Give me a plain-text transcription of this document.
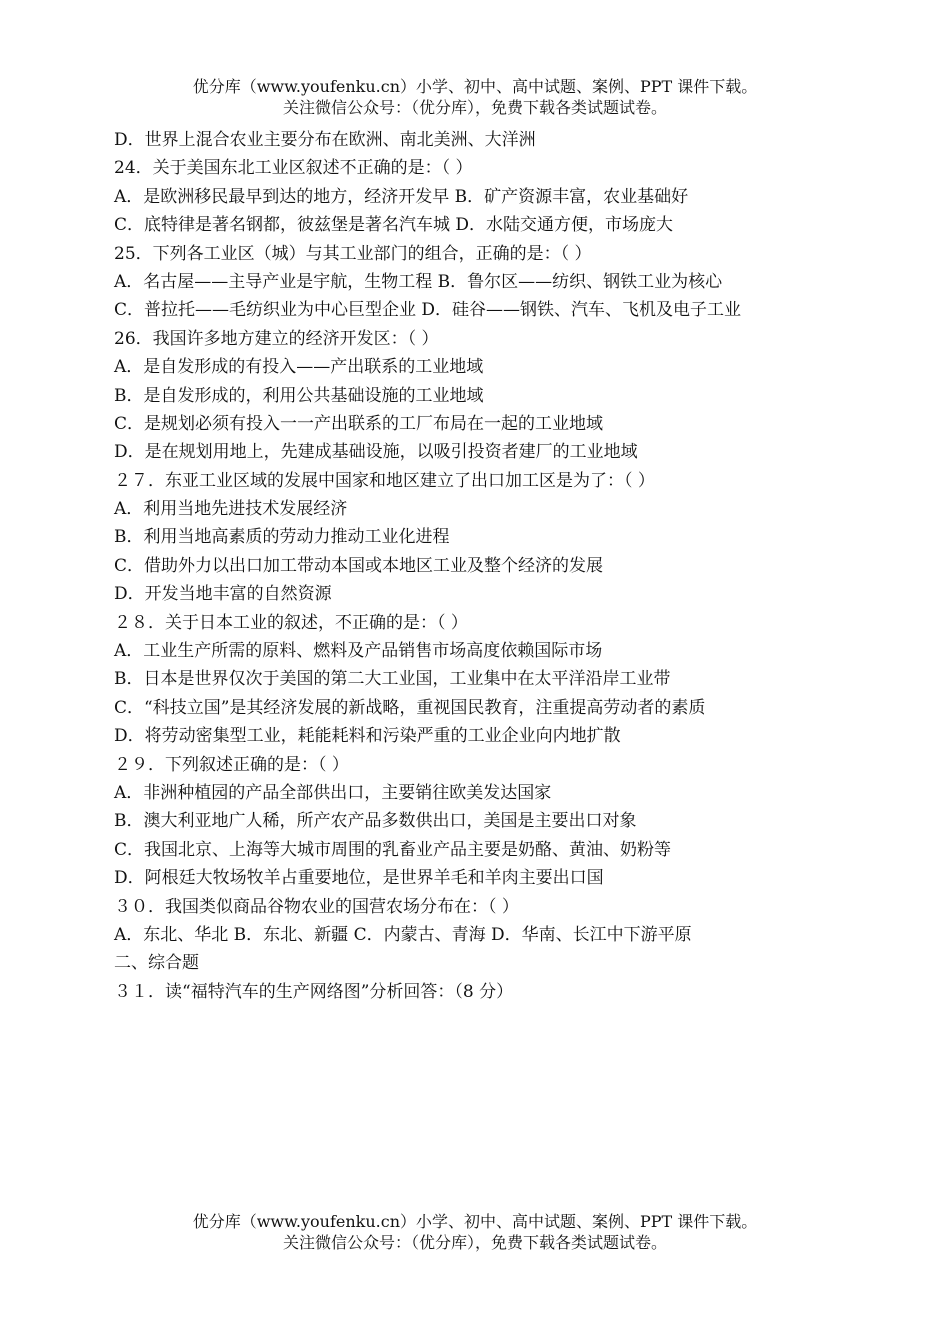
优分库（www.youfenku.cn）小学、初中、高中试题、案例、PPT 课件下载。
关注微信公众号：（优分库），免费下载各类试题试卷。
D．世界上混合农业主要分布在欧洲、南北美洲、大洋洲
24．关于美国东北工业区叙述不正确的是：（ ）
A．是欧洲移民最早到达的地方，经济开发早 B．矿产资源丰富，农业基础好
C．底特律是著名钢都，彼兹堡是著名汽车城 D．水陆交通方便，市场庞大
25．下列各工业区（城）与其工业部门的组合，正确的是：（ ）
A．名古屋——主导产业是宇航，生物工程 B．鲁尔区——纺织、钢铁工业为核心
C．普拉托——毛纺织业为中心巨型企业 D．硅谷——钢铁、汽车、飞机及电子工业
26．我国许多地方建立的经济开发区：（ ）
A．是自发形成的有投入——产出联系的工业地域
B．是自发形成的，利用公共基础设施的工业地域
C．是规划必须有投入一一产出联系的工厂布局在一起的工业地域
D．是在规划用地上，先建成基础设施，以吸引投资者建厂的工业地域
２７．东亚工业区域的发展中国家和地区建立了出口加工区是为了：（ ）
A．利用当地先进技术发展经济
B．利用当地高素质的劳动力推动工业化进程
C．借助外力以出口加工带动本国或本地区工业及整个经济的发展
D．开发当地丰富的自然资源
２８．关于日本工业的叙述，不正确的是：（ ）
A．工业生产所需的原料、燃料及产品销售市场高度依赖国际市场
B．日本是世界仅次于美国的第二大工业国，工业集中在太平洋沿岸工业带
C．“科技立国”是其经济发展的新战略，重视国民教育，注重提高劳动者的素质
D．将劳动密集型工业，耗能耗料和污染严重的工业企业向内地扩散
２９．下列叙述正确的是：（ ）
A．非洲种植园的产品全部供出口，主要销往欧美发达国家
B．澳大利亚地广人稀，所产农产品多数供出口，美国是主要出口对象
C．我国北京、上海等大城市周围的乳畜业产品主要是奶酪、黄油、奶粉等
D．阿根廷大牧场牧羊占重要地位，是世界羊毛和羊肉主要出口国
３０．我国类似商品谷物农业的国营农场分布在：（ ）
A．东北、华北 B．东北、新疆 C．内蒙古、青海 D．华南、长江中下游平原
二、综合题
３１．读“福特汽车的生产网络图”分析回答：（8 分）
优分库（www.youfenku.cn）小学、初中、高中试题、案例、PPT 课件下载。
关注微信公众号：（优分库），免费下载各类试题试卷。
